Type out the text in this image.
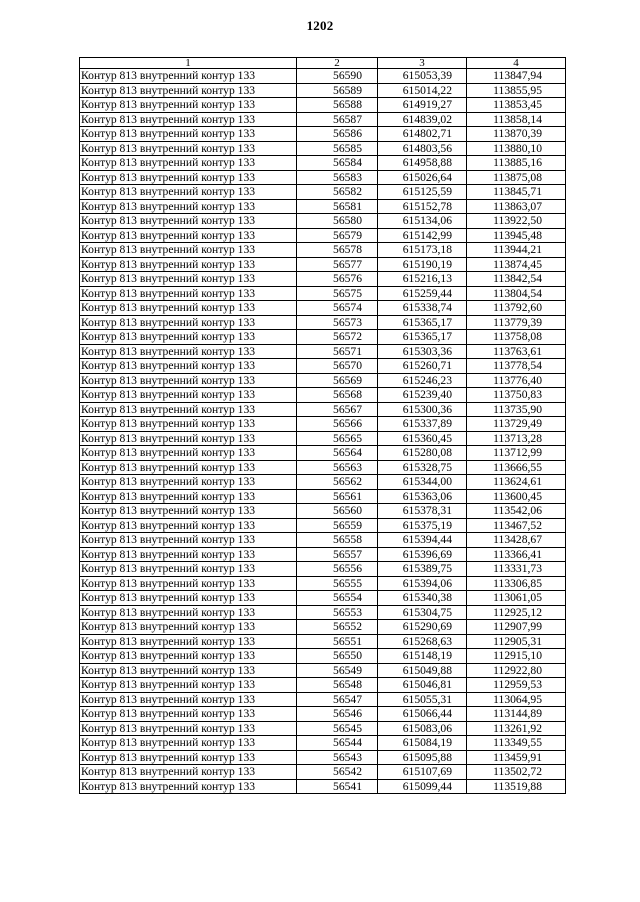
1202
1	2	3	4
Контур 813 внутренний контур 133	56590	615053,39	113847,94
Контур 813 внутренний контур 133	56589	615014,22	113855,95
Контур 813 внутренний контур 133	56588	614919,27	113853,45
Контур 813 внутренний контур 133	56587	614839,02	113858,14
Контур 813 внутренний контур 133	56586	614802,71	113870,39
Контур 813 внутренний контур 133	56585	614803,56	113880,10
Контур 813 внутренний контур 133	56584	614958,88	113885,16
Контур 813 внутренний контур 133	56583	615026,64	113875,08
Контур 813 внутренний контур 133	56582	615125,59	113845,71
Контур 813 внутренний контур 133	56581	615152,78	113863,07
Контур 813 внутренний контур 133	56580	615134,06	113922,50
Контур 813 внутренний контур 133	56579	615142,99	113945,48
Контур 813 внутренний контур 133	56578	615173,18	113944,21
Контур 813 внутренний контур 133	56577	615190,19	113874,45
Контур 813 внутренний контур 133	56576	615216,13	113842,54
Контур 813 внутренний контур 133	56575	615259,44	113804,54
Контур 813 внутренний контур 133	56574	615338,74	113792,60
Контур 813 внутренний контур 133	56573	615365,17	113779,39
Контур 813 внутренний контур 133	56572	615365,17	113758,08
Контур 813 внутренний контур 133	56571	615303,36	113763,61
Контур 813 внутренний контур 133	56570	615260,71	113778,54
Контур 813 внутренний контур 133	56569	615246,23	113776,40
Контур 813 внутренний контур 133	56568	615239,40	113750,83
Контур 813 внутренний контур 133	56567	615300,36	113735,90
Контур 813 внутренний контур 133	56566	615337,89	113729,49
Контур 813 внутренний контур 133	56565	615360,45	113713,28
Контур 813 внутренний контур 133	56564	615280,08	113712,99
Контур 813 внутренний контур 133	56563	615328,75	113666,55
Контур 813 внутренний контур 133	56562	615344,00	113624,61
Контур 813 внутренний контур 133	56561	615363,06	113600,45
Контур 813 внутренний контур 133	56560	615378,31	113542,06
Контур 813 внутренний контур 133	56559	615375,19	113467,52
Контур 813 внутренний контур 133	56558	615394,44	113428,67
Контур 813 внутренний контур 133	56557	615396,69	113366,41
Контур 813 внутренний контур 133	56556	615389,75	113331,73
Контур 813 внутренний контур 133	56555	615394,06	113306,85
Контур 813 внутренний контур 133	56554	615340,38	113061,05
Контур 813 внутренний контур 133	56553	615304,75	112925,12
Контур 813 внутренний контур 133	56552	615290,69	112907,99
Контур 813 внутренний контур 133	56551	615268,63	112905,31
Контур 813 внутренний контур 133	56550	615148,19	112915,10
Контур 813 внутренний контур 133	56549	615049,88	112922,80
Контур 813 внутренний контур 133	56548	615046,81	112959,53
Контур 813 внутренний контур 133	56547	615055,31	113064,95
Контур 813 внутренний контур 133	56546	615066,44	113144,89
Контур 813 внутренний контур 133	56545	615083,06	113261,92
Контур 813 внутренний контур 133	56544	615084,19	113349,55
Контур 813 внутренний контур 133	56543	615095,88	113459,91
Контур 813 внутренний контур 133	56542	615107,69	113502,72
Контур 813 внутренний контур 133	56541	615099,44	113519,88
